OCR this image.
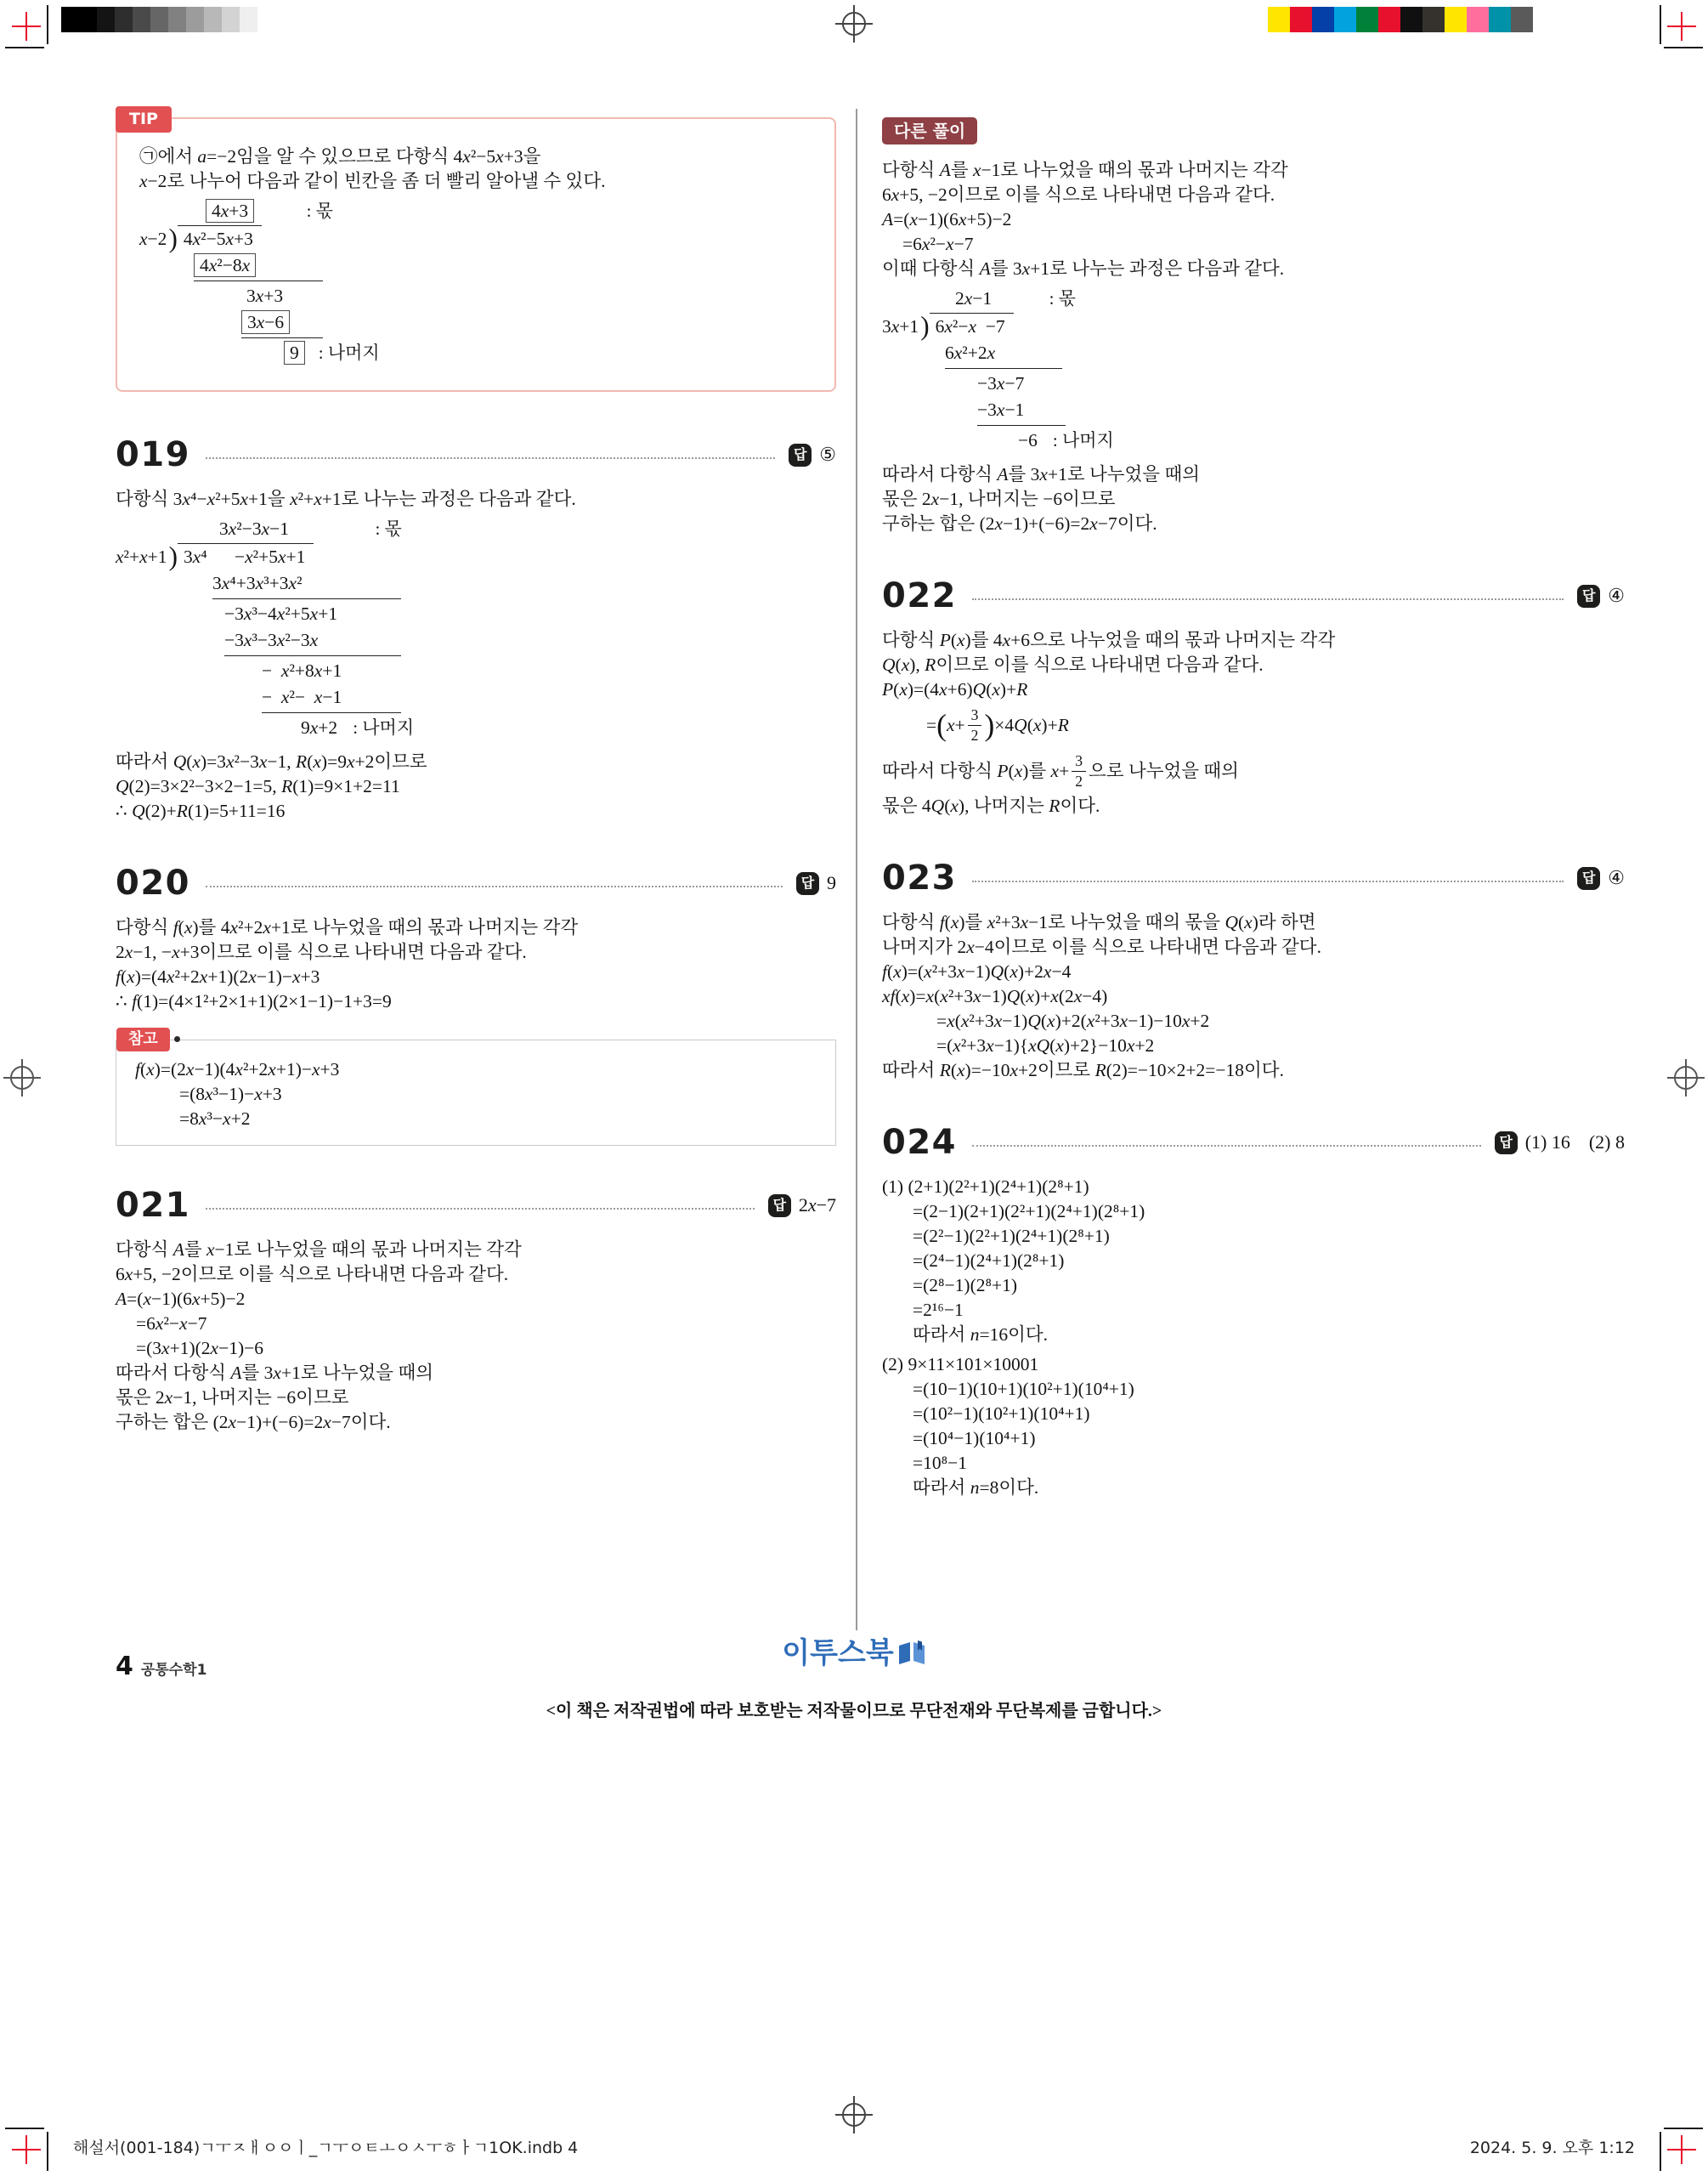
TIP
㉠에서 a=−2임을 알 수 있으므로 다항식 4x²−5x+3을
x−2로 나누어 다음과 같이 빈칸을 좀 더 빨리 알아낼 수 있다.
4x+3	: 몫
x−2) 4x²−5x+3
4x²−8x
3x+3
3x−6
9 : 나머지
019	답 ⑤
다항식 3x⁴−x²+5x+1을 x²+x+1로 나누는 과정은 다음과 같다.
3x²−3x−1	: 몫
x²+x+1) 3x⁴  −x²+5x+1
3x⁴+3x³+3x²
−3x³−4x²+5x+1
−3x³−3x²−3x
− x²+8x+1
− x²− x−1
9x+2 : 나머지
따라서 Q(x)=3x²−3x−1, R(x)=9x+2이므로
Q(2)=3×2²−3×2−1=5, R(1)=9×1+2=11
∴ Q(2)+R(1)=5+11=16
020	답 9
다항식 f(x)를 4x²+2x+1로 나누었을 때의 몫과 나머지는 각각
2x−1, −x+3이므로 이를 식으로 나타내면 다음과 같다.
f(x)=(4x²+2x+1)(2x−1)−x+3
∴ f(1)=(4×1²+2×1+1)(2×1−1)−1+3=9
참고
f(x)=(2x−1)(4x²+2x+1)−x+3
=(8x³−1)−x+3
=8x³−x+2
021	답 2x−7
다항식 A를 x−1로 나누었을 때의 몫과 나머지는 각각
6x+5, −2이므로 이를 식으로 나타내면 다음과 같다.
A=(x−1)(6x+5)−2
=6x²−x−7
=(3x+1)(2x−1)−6
따라서 다항식 A를 3x+1로 나누었을 때의
몫은 2x−1, 나머지는 −6이므로
구하는 합은 (2x−1)+(−6)=2x−7이다.
다른 풀이
다항식 A를 x−1로 나누었을 때의 몫과 나머지는 각각
6x+5, −2이므로 이를 식으로 나타내면 다음과 같다.
A=(x−1)(6x+5)−2
=6x²−x−7
이때 다항식 A를 3x+1로 나누는 과정은 다음과 같다.
2x−1	: 몫
3x+1) 6x²−x −7
6x²+2x
−3x−7
−3x−1
−6 : 나머지
따라서 다항식 A를 3x+1로 나누었을 때의
몫은 2x−1, 나머지는 −6이므로
구하는 합은 (2x−1)+(−6)=2x−7이다.
022	답 ④
다항식 P(x)를 4x+6으로 나누었을 때의 몫과 나머지는 각각
Q(x), R이므로 이를 식으로 나타내면 다음과 같다.
P(x)=(4x+6)Q(x)+R
= ( $x+ \frac{3}{2}$ ) ×4Q(x)+R
따라서 다항식 P(x)를 $x+ \frac{3}{2}$ 으로 나누었을 때의
몫은 4Q(x), 나머지는 R이다.
023	답 ④
다항식 f(x)를 x²+3x−1로 나누었을 때의 몫을 Q(x)라 하면
나머지가 2x−4이므로 이를 식으로 나타내면 다음과 같다.
f(x)=(x²+3x−1)Q(x)+2x−4
xf(x)=x(x²+3x−1)Q(x)+x(2x−4)
=x(x²+3x−1)Q(x)+2(x²+3x−1)−10x+2
=(x²+3x−1){xQ(x)+2}−10x+2
따라서 R(x)=−10x+2이므로 R(2)=−10×2+2=−18이다.
024	답 (1) 16 (2) 8
(1) (2+1)(2²+1)(2⁴+1)(2⁸+1)
=(2−1)(2+1)(2²+1)(2⁴+1)(2⁸+1)
=(2²−1)(2²+1)(2⁴+1)(2⁸+1)
=(2⁴−1)(2⁴+1)(2⁸+1)
=(2⁸−1)(2⁸+1)
=2¹⁶−1
따라서 n=16이다.
(2) 9×11×101×10001
=(10−1)(10+1)(10²+1)(10⁴+1)
=(10²−1)(10²+1)(10⁴+1)
=(10⁴−1)(10⁴+1)
=10⁸−1
따라서 n=8이다.
4 공통수학1	이투스북
<이 책은 저작권법에 따라 보호받는 저작물이므로 무단전재와 무단복제를 금합니다.>
해설서(001-184)ㄱㅜㅈㅐㅇㅇㅣ_ㄱㅜㅇㅌㅗㅇㅅㅜㅎㅏㄱ1OK.indb 4	2024. 5. 9. 오후 1:12
